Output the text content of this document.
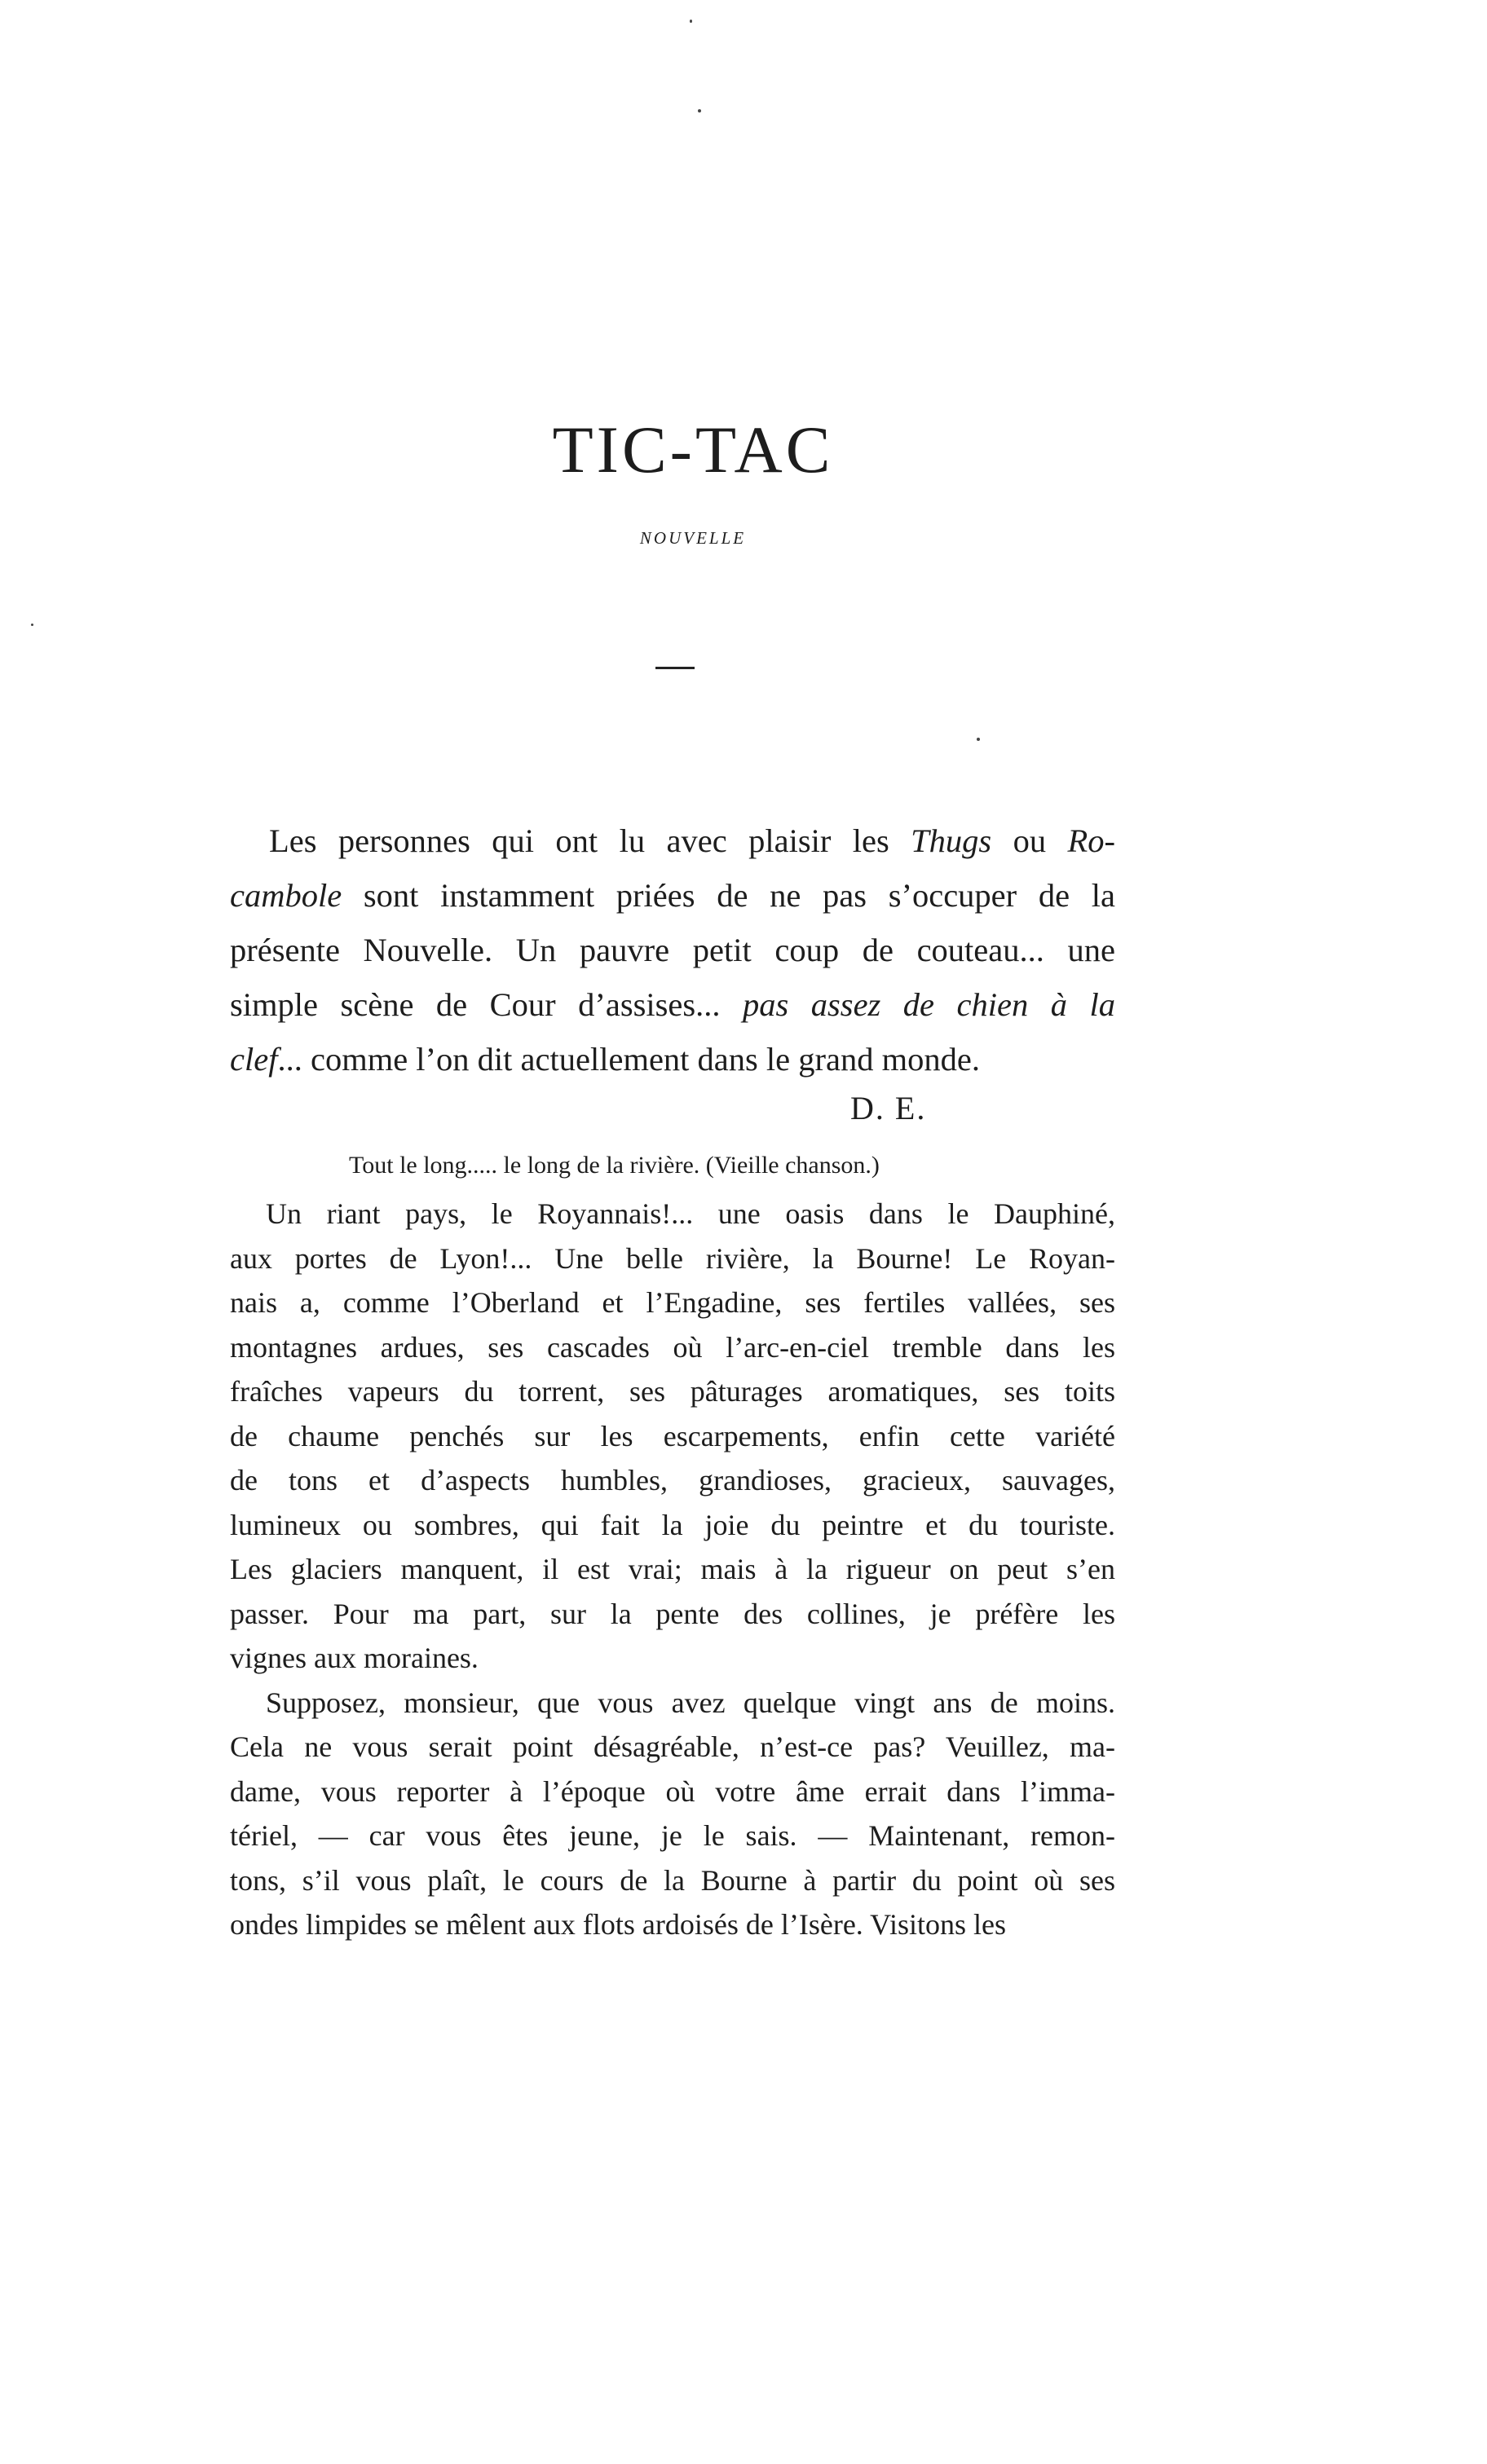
TIC-TAC
NOUVELLE

Les personnes qui ont lu avec plaisir les Thugs ou Ro-

cambole sont instamment priées de ne pas s’occuper de la

présente Nouvelle. Un pauvre petit coup de couteau... une

simple scène de Cour d’assises... pas assez de chien à la

clef... comme l’on dit actuellement dans le grand monde.

D. E.
Tout le long..... le long de la rivière. (Vieille chanson.)

Un riant pays, le Royannais!... une oasis dans le Dauphiné,

aux portes de Lyon!... Une belle rivière, la Bourne! Le Royan-

nais a, comme l’Oberland et l’Engadine, ses fertiles vallées, ses

montagnes ardues, ses cascades où l’arc-en-ciel tremble dans les

fraîches vapeurs du torrent, ses pâturages aromatiques, ses toits

de chaume penchés sur les escarpements, enfin cette variété

de tons et d’aspects humbles, grandioses, gracieux, sauvages,

lumineux ou sombres, qui fait la joie du peintre et du touriste.

Les glaciers manquent, il est vrai; mais à la rigueur on peut s’en

passer. Pour ma part, sur la pente des collines, je préfère les

vignes aux moraines.

Supposez, monsieur, que vous avez quelque vingt ans de moins.

Cela ne vous serait point désagréable, n’est-ce pas? Veuillez, ma-

dame, vous reporter à l’époque où votre âme errait dans l’imma-

tériel, — car vous êtes jeune, je le sais. — Maintenant, remon-

tons, s’il vous plaît, le cours de la Bourne à partir du point où ses

ondes limpides se mêlent aux flots ardoisés de l’Isère. Visitons les
